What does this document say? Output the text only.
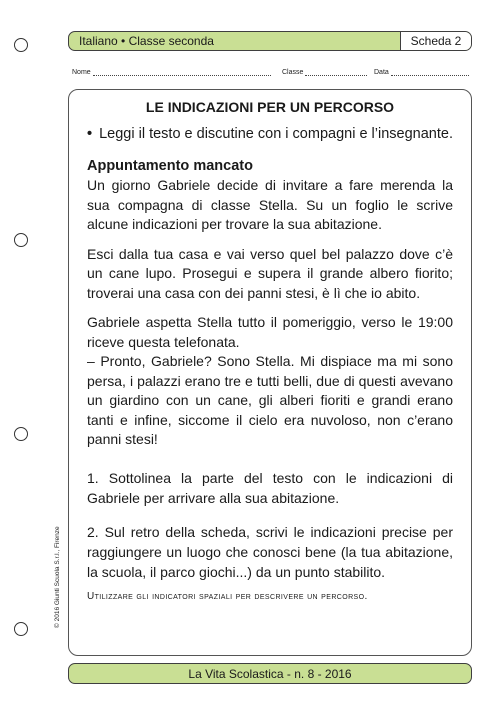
Italiano • Classe seconda	Scheda 2
Nome	Classe	Data
LE INDICAZIONI PER UN PERCORSO

• Leggi il testo e discutine con i compagni e l’insegnante.

Appuntamento mancato

Un giorno Gabriele decide di invitare a fare merenda la sua compagna di classe Stella. Su un foglio le scrive alcune indicazioni per trovare la sua abitazione.

Esci dalla tua casa e vai verso quel bel palazzo dove c’è un cane lupo. Prosegui e supera il grande albero fiorito; troverai una casa con dei panni stesi, è lì che io abito.

Gabriele aspetta Stella tutto il pomeriggio, verso le 19:00 riceve questa telefonata.

– Pronto, Gabriele? Sono Stella. Mi dispiace ma mi sono persa, i palazzi erano tre e tutti belli, due di questi avevano un giardino con un cane, gli alberi fioriti e grandi erano tanti e infine, siccome il cielo era nuvoloso, non c’erano panni stesi!

1. Sottolinea la parte del testo con le indicazioni di Gabriele per arrivare alla sua abitazione.

2. Sul retro della scheda, scrivi le indicazioni precise per raggiungere un luogo che conosci bene (la tua abitazione, la scuola, il parco giochi...) da un punto stabilito.

Utilizzare gli indicatori spaziali per descrivere un percorso.

© 2016 Giunti Scuola S.r.l., Firenze
La Vita Scolastica - n. 8 - 2016
